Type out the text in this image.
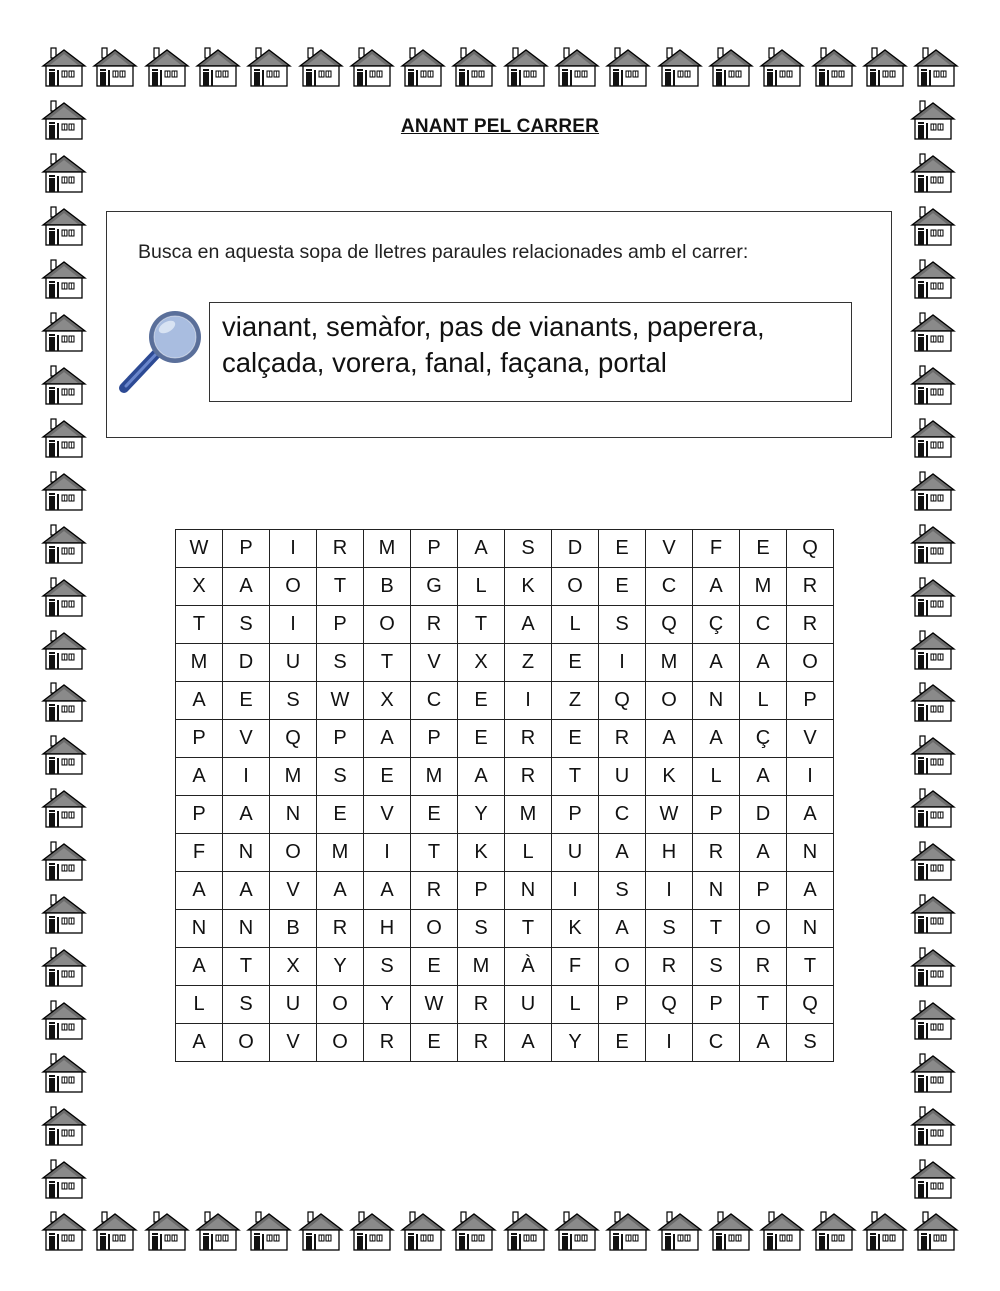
ANANT PEL CARRER
Busca en aquesta sopa de lletres paraules relacionades amb el carrer:
vianant, semàfor, pas de vianants, paperera,
calçada, vorera, fanal, façana, portal
W	P	I	R	M	P	A	S	D	E	V	F	E	Q
X	A	O	T	B	G	L	K	O	E	C	A	M	R
T	S	I	P	O	R	T	A	L	S	Q	Ç	C	R
M	D	U	S	T	V	X	Z	E	I	M	A	A	O
A	E	S	W	X	C	E	I	Z	Q	O	N	L	P
P	V	Q	P	A	P	E	R	E	R	A	A	Ç	V
A	I	M	S	E	M	A	R	T	U	K	L	A	I
P	A	N	E	V	E	Y	M	P	C	W	P	D	A
F	N	O	M	I	T	K	L	U	A	H	R	A	N
A	A	V	A	A	R	P	N	I	S	I	N	P	A
N	N	B	R	H	O	S	T	K	A	S	T	O	N
A	T	X	Y	S	E	M	À	F	O	R	S	R	T
L	S	U	O	Y	W	R	U	L	P	Q	P	T	Q
A	O	V	O	R	E	R	A	Y	E	I	C	A	S
